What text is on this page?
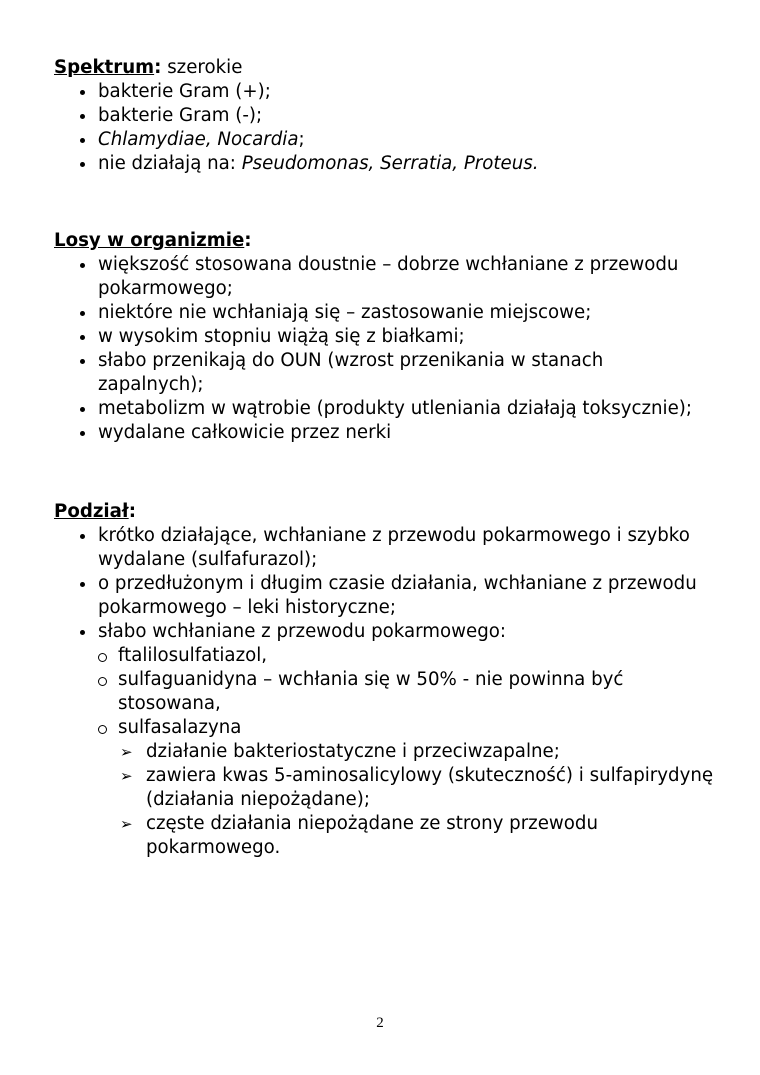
Spektrum: szerokie
bakterie Gram (+);
bakterie Gram (-);
Chlamydiae, Nocardia;
nie działają na: Pseudomonas, Serratia, Proteus.
Losy w organizmie:
większość stosowana doustnie – dobrze wchłaniane z przewodu pokarmowego;
niektóre nie wchłaniają się – zastosowanie miejscowe;
w wysokim stopniu wiążą się z białkami;
słabo przenikają do OUN (wzrost przenikania w stanach zapalnych);
metabolizm w wątrobie (produkty utleniania działają toksycznie);
wydalane całkowicie przez nerki
Podział:
krótko działające, wchłaniane z przewodu pokarmowego i szybko wydalane (sulfafurazol);
o przedłużonym i długim czasie działania, wchłaniane z przewodu pokarmowego – leki historyczne;
słabo wchłaniane z przewodu pokarmowego:
ftalilosulfatiazol,
sulfaguanidyna – wchłania się w 50% - nie powinna być stosowana,
sulfasalazyna
➢ działanie bakteriostatyczne i przeciwzapalne;
➢ zawiera kwas 5-aminosalicylowy (skuteczność) i sulfapirydynę (działania niepożądane);
➢ częste działania niepożądane ze strony przewodu pokarmowego.
2
